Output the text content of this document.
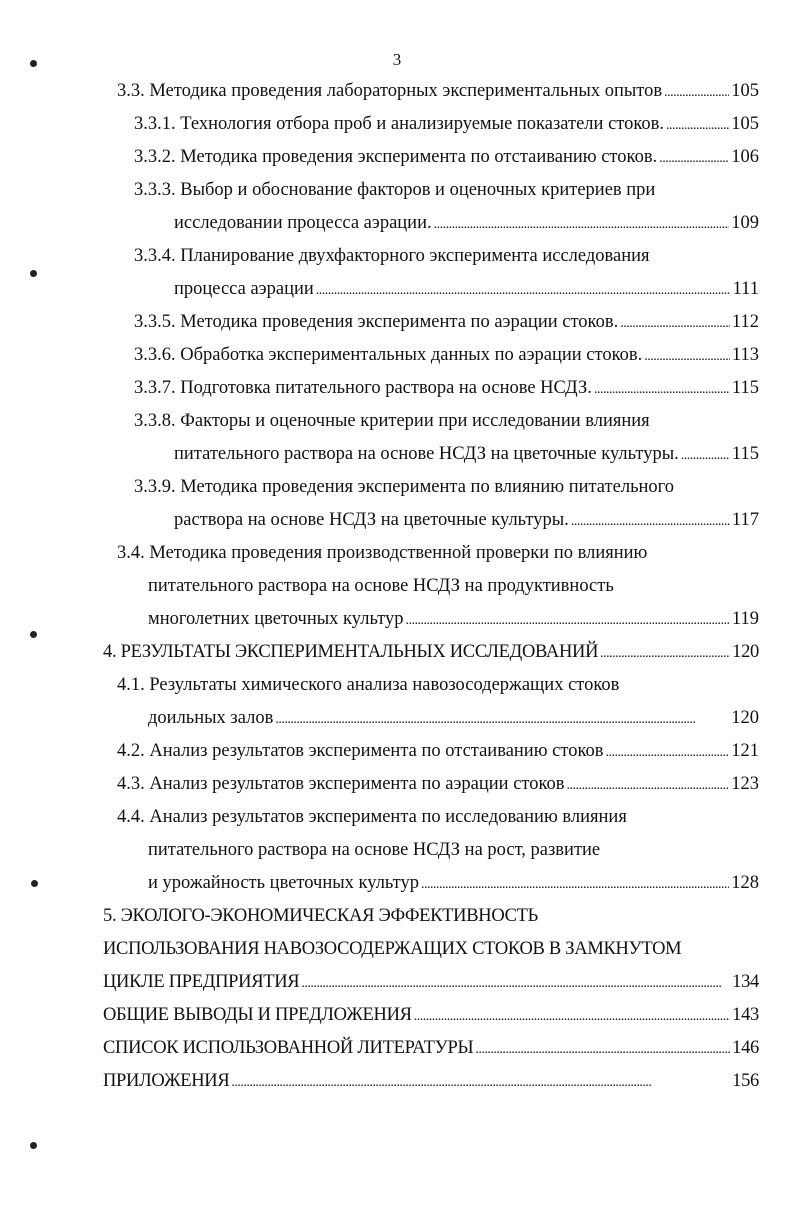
3
3.3. Методика проведения лабораторных экспериментальных опытов . . .	105
3.3.1. Технология отбора проб и анализируемые показатели стоков. . . .	105
3.3.2. Методика проведения эксперимента по отстаиванию стоков. . . .	106
3.3.3. Выбор и обоснование факторов и оценочных критериев при
исследовании процесса аэрации. . . .	109
3.3.4. Планирование двухфакторного эксперимента исследования
процесса аэрации . . .	111
3.3.5. Методика проведения эксперимента по аэрации стоков. . . .	112
3.3.6. Обработка экспериментальных данных по аэрации стоков. . . .	113
3.3.7. Подготовка питательного раствора на основе НСДЗ. . . .	115
3.3.8. Факторы и оценочные критерии при исследовании влияния
питательного раствора на основе НСДЗ на цветочные культуры. . . .	115
3.3.9. Методика проведения эксперимента по влиянию питательного
раствора на основе НСДЗ на цветочные культуры. . . .	117
3.4. Методика проведения производственной проверки по влиянию
питательного раствора на основе НСДЗ на продуктивность
многолетних цветочных культур . . .	119
4. РЕЗУЛЬТАТЫ ЭКСПЕРИМЕНТАЛЬНЫХ ИССЛЕДОВАНИЙ . . .	120
4.1. Результаты химического анализа навозосодержащих стоков
доильных залов . . .	120
4.2. Анализ результатов эксперимента по отстаиванию стоков . . .	121
4.3. Анализ результатов эксперимента по аэрации стоков . . .	123
4.4. Анализ результатов эксперимента по исследованию влияния
питательного раствора на основе НСДЗ на рост, развитие
и урожайность цветочных культур . . .	128
5. ЭКОЛОГО-ЭКОНОМИЧЕСКАЯ ЭФФЕКТИВНОСТЬ
ИСПОЛЬЗОВАНИЯ НАВОЗОСОДЕРЖАЩИХ СТОКОВ В ЗАМКНУТОМ
ЦИКЛЕ ПРЕДПРИЯТИЯ . . .	134
ОБЩИЕ ВЫВОДЫ И ПРЕДЛОЖЕНИЯ . . .	143
СПИСОК ИСПОЛЬЗОВАННОЙ ЛИТЕРАТУРЫ . . .	146
ПРИЛОЖЕНИЯ . . .	156
